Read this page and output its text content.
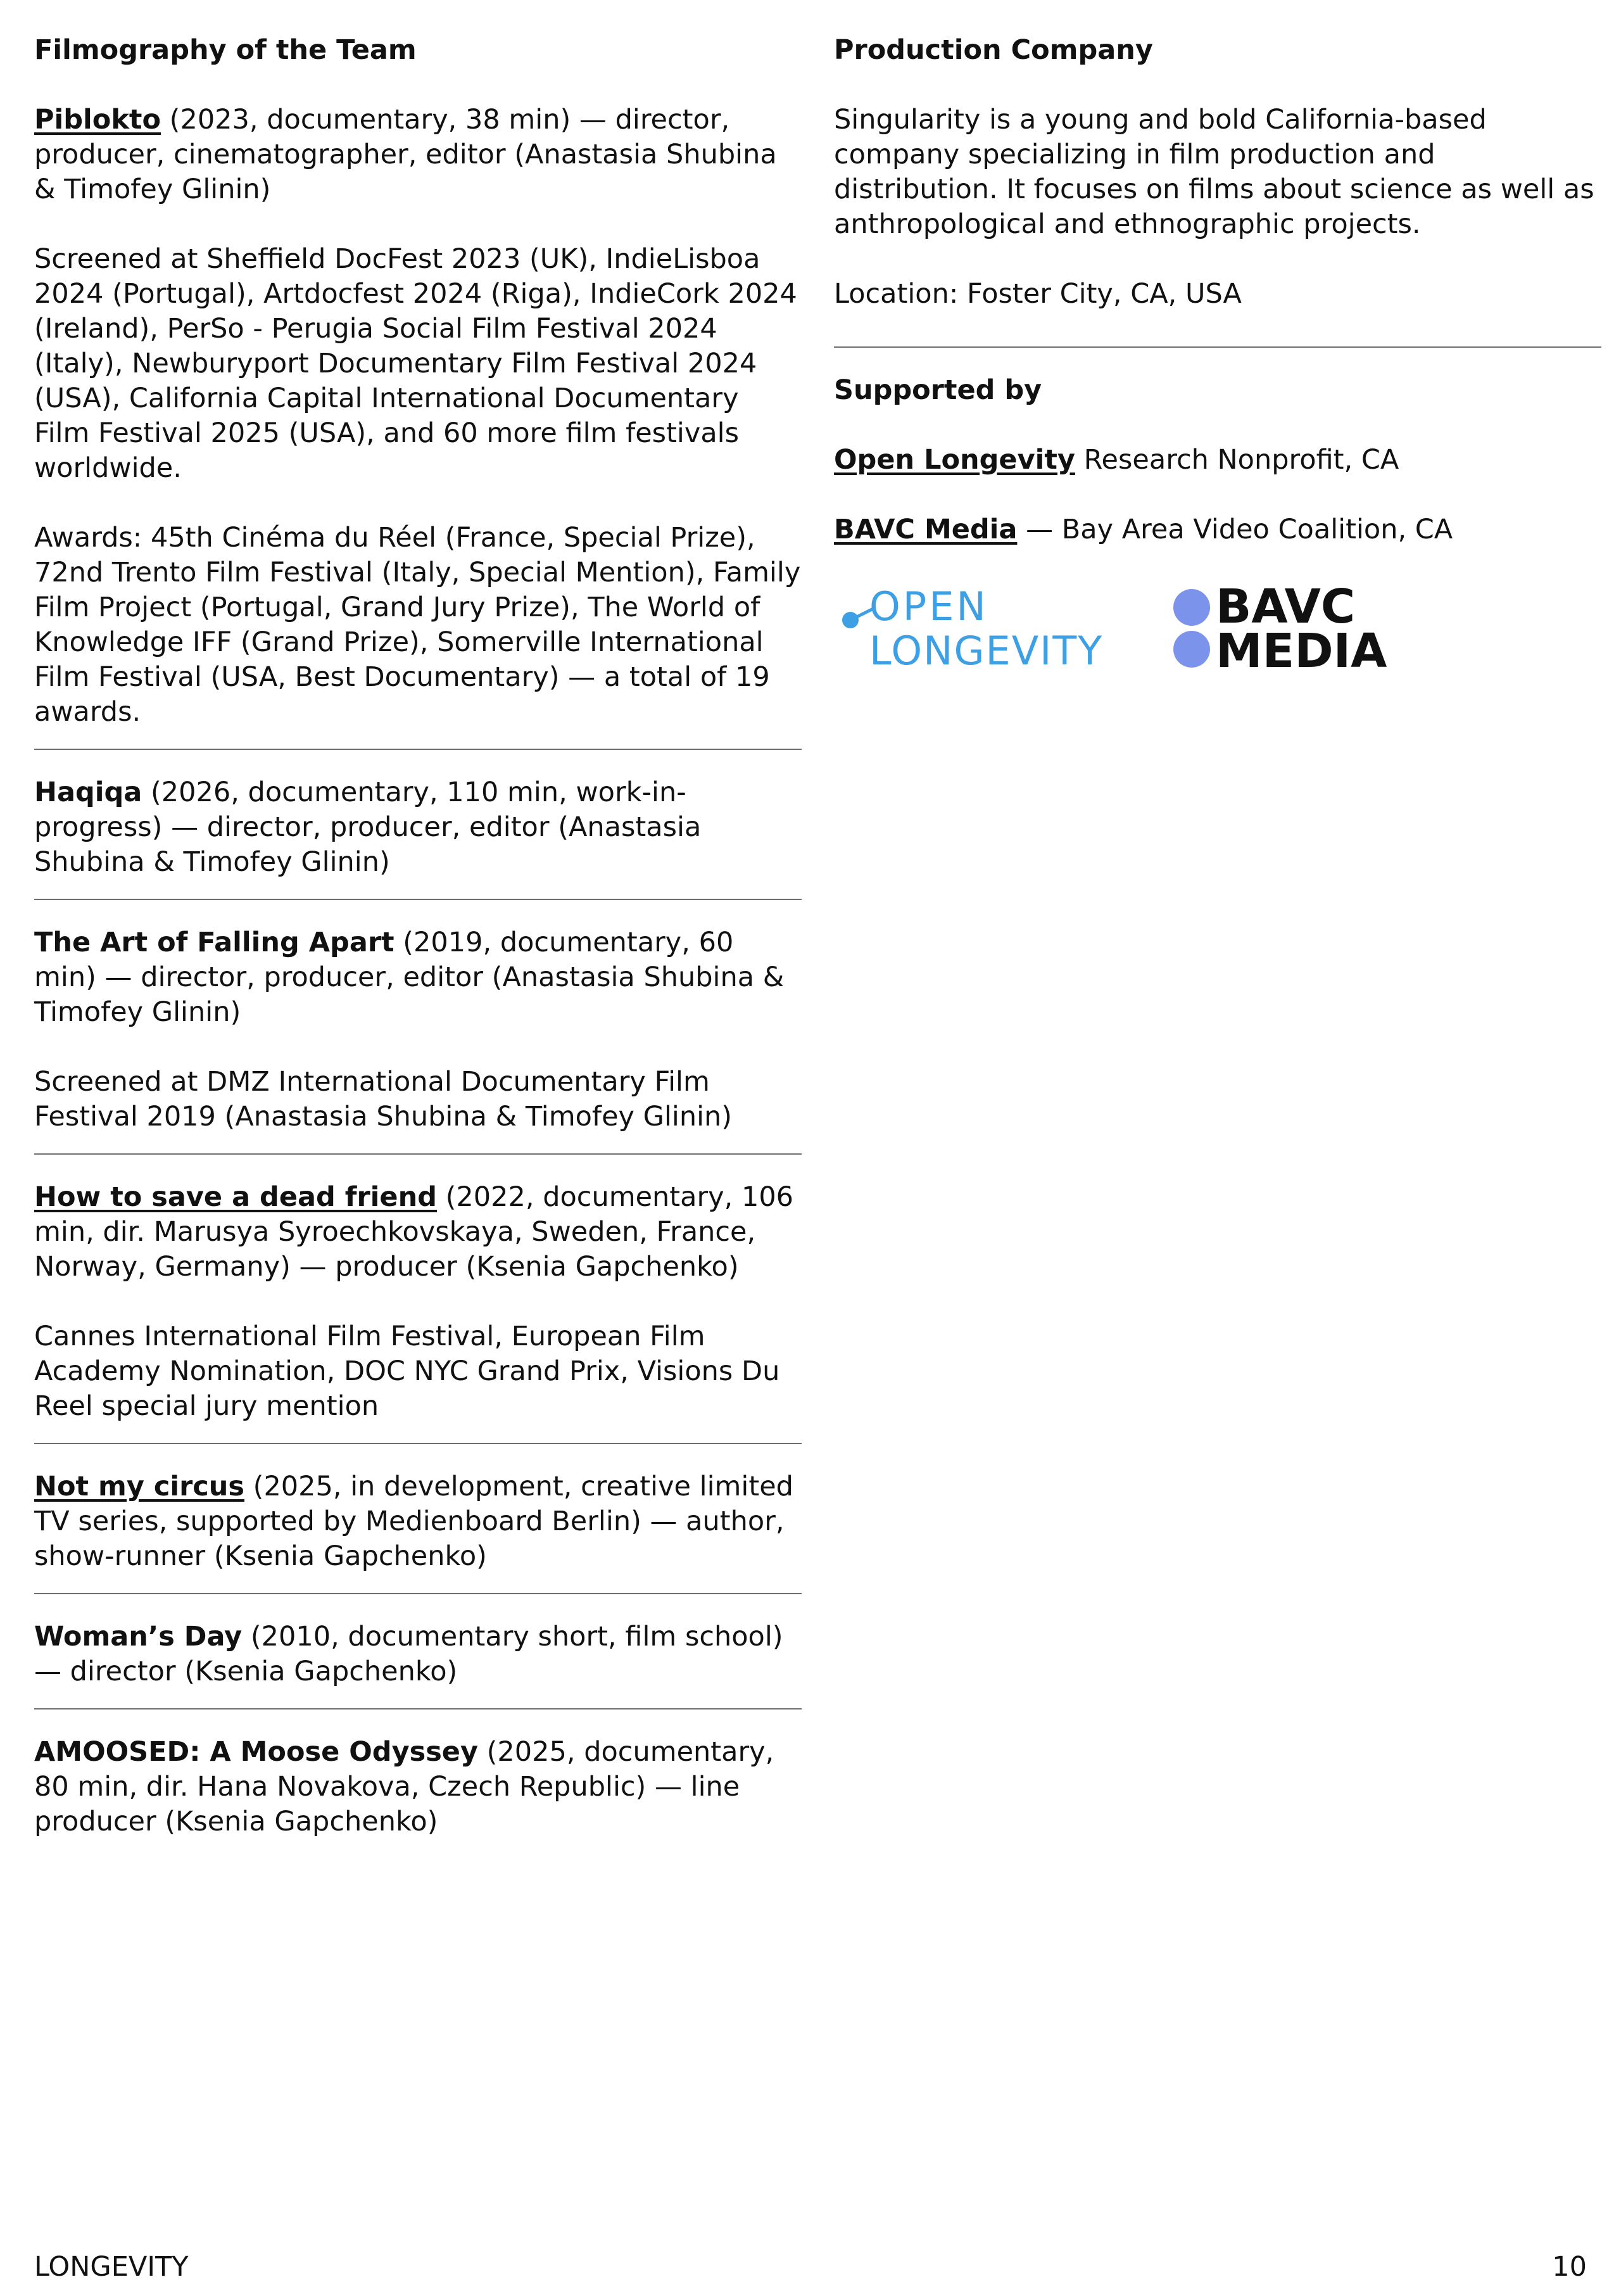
Filmography of the Team

Piblokto (2023, documentary, 38 min) — director, producer, cinematographer, editor (Anastasia Shubina & Timofey Glinin)

Screened at Sheffield DocFest 2023 (UK), IndieLisboa 2024 (Portugal), Artdocfest 2024 (Riga), IndieCork 2024 (Ireland), PerSo - Perugia Social Film Festival 2024 (Italy), Newburyport Documentary Film Festival 2024 (USA), California Capital International Documentary Film Festival 2025 (USA), and 60 more film festivals worldwide.

Awards: 45th Cinéma du Réel (France, Special Prize), 72nd Trento Film Festival (Italy, Special Mention), Family Film Project (Portugal, Grand Jury Prize), The World of Knowledge IFF (Grand Prize), Somerville International Film Festival (USA, Best Documentary) — a total of 19 awards.

Haqiqa (2026, documentary, 110 min, work-in-progress) — director, producer, editor (Anastasia Shubina & Timofey Glinin)

The Art of Falling Apart (2019, documentary, 60 min) — director, producer, editor (Anastasia Shubina & Timofey Glinin)

Screened at DMZ International Documentary Film Festival 2019 (Anastasia Shubina & Timofey Glinin)

How to save a dead friend (2022, documentary, 106 min, dir. Marusya Syroechkovskaya, Sweden, France, Norway, Germany) — producer (Ksenia Gapchenko)

Cannes International Film Festival, European Film Academy Nomination, DOC NYC Grand Prix, Visions Du Reel special jury mention

Not my circus (2025, in development, creative limited TV series, supported by Medienboard Berlin) — author, show-runner (Ksenia Gapchenko)

Woman’s Day (2010, documentary short, film school) — director (Ksenia Gapchenko)

AMOOSED: A Moose Odyssey (2025, documentary, 80 min, dir. Hana Novakova, Czech Republic) — line producer (Ksenia Gapchenko)

Production Company

Singularity is a young and bold California-based company specializing in film production and distribution. It focuses on films about science as well as anthropological and ethnographic projects.

Location: Foster City, CA, USA

Supported by

Open Longevity Research Nonprofit, CA

BAVC Media — Bay Area Video Coalition, CA

OPEN
LONGEVITY
BAVC
MEDIA
LONGEVITY	10
